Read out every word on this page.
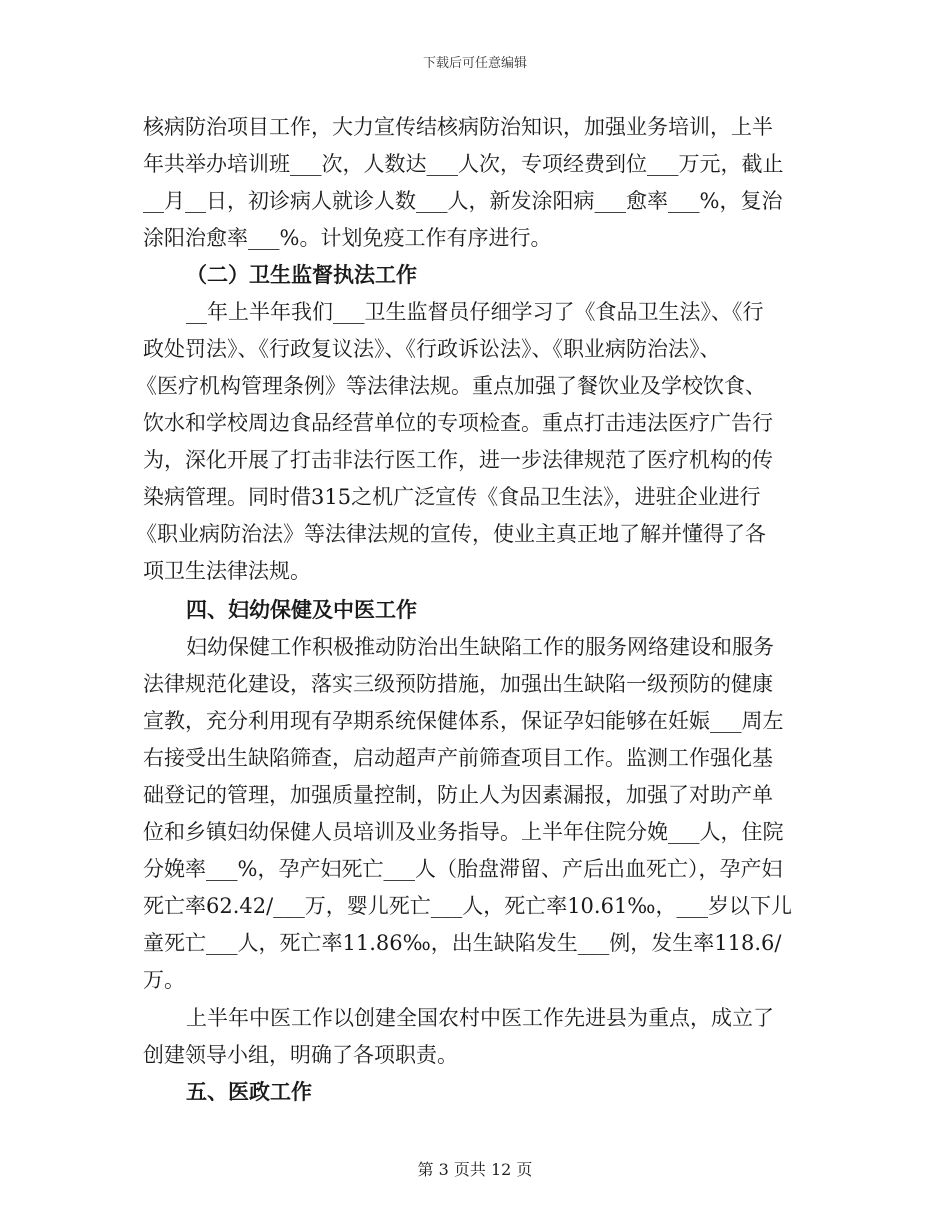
下载后可任意编辑
核病防治项目工作，大力宣传结核病防治知识，加强业务培训，上半
年共举办培训班___次，人数达___人次，专项经费到位___万元，截止
__月__日，初诊病人就诊人数___人，新发涂阳病___愈率___%，复治
涂阳治愈率___%。计划免疫工作有序进行。
（二）卫生监督执法工作
__年上半年我们___卫生监督员仔细学习了《食品卫生法》、《行
政处罚法》、《行政复议法》、《行政诉讼法》、《职业病防治法》、
《医疗机构管理条例》等法律法规。重点加强了餐饮业及学校饮食、
饮水和学校周边食品经营单位的专项检查。重点打击违法医疗广告行
为，深化开展了打击非法行医工作，进一步法律规范了医疗机构的传
染病管理。同时借315之机广泛宣传《食品卫生法》，进驻企业进行
《职业病防治法》等法律法规的宣传，使业主真正地了解并懂得了各
项卫生法律法规。
四、妇幼保健及中医工作
妇幼保健工作积极推动防治出生缺陷工作的服务网络建设和服务
法律规范化建设，落实三级预防措施，加强出生缺陷一级预防的健康
宣教，充分利用现有孕期系统保健体系，保证孕妇能够在妊娠___周左
右接受出生缺陷筛查，启动超声产前筛查项目工作。监测工作强化基
础登记的管理，加强质量控制，防止人为因素漏报，加强了对助产单
位和乡镇妇幼保健人员培训及业务指导。上半年住院分娩___人，住院
分娩率___%，孕产妇死亡___人（胎盘滞留、产后出血死亡），孕产妇
死亡率62.42/___万，婴儿死亡___人，死亡率10.61‰，___岁以下儿
童死亡___人，死亡率11.86‰，出生缺陷发生___例，发生率118.6/
万。
上半年中医工作以创建全国农村中医工作先进县为重点，成立了
创建领导小组，明确了各项职责。
五、医政工作
第 3 页共 12 页
